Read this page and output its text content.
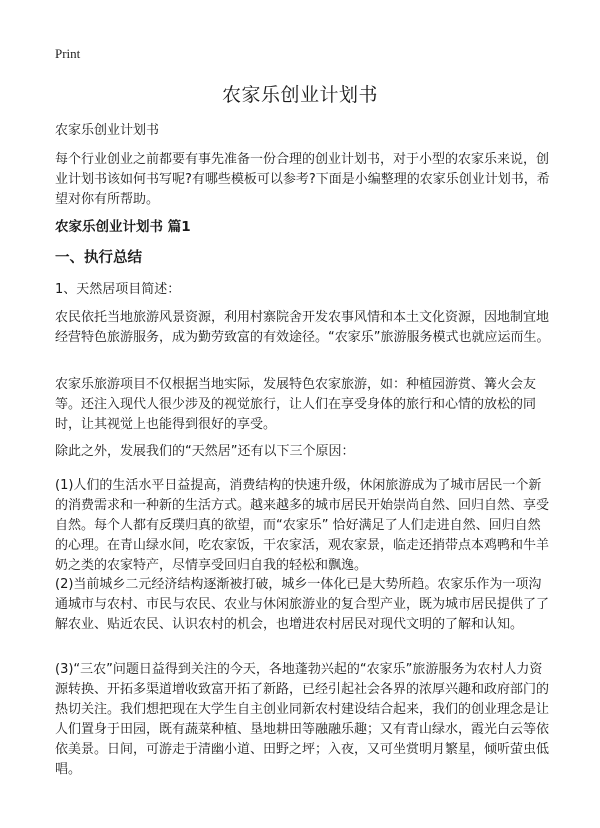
Print
农家乐创业计划书

农家乐创业计划书

每个行业创业之前都要有事先准备一份合理的创业计划书，对于小型的农家乐来说，创业计划书该如何书写呢?有哪些模板可以参考?下面是小编整理的农家乐创业计划书，希望对你有所帮助。

农家乐创业计划书 篇1

一、执行总结

1、天然居项目简述：

农民依托当地旅游风景资源，利用村寨院舍开发农事风情和本土文化资源，因地制宜地经营特色旅游服务，成为勤劳致富的有效途径。“农家乐”旅游服务模式也就应运而生。

农家乐旅游项目不仅根据当地实际，发展特色农家旅游，如：种植园游赏、篝火会友等。还注入现代人很少涉及的视觉旅行，让人们在享受身体的旅行和心情的放松的同时，让其视觉上也能得到很好的享受。

除此之外，发展我们的“天然居”还有以下三个原因：

(1)人们的生活水平日益提高，消费结构的快速升级，休闲旅游成为了城市居民一个新的消费需求和一种新的生活方式。越来越多的城市居民开始崇尚自然、回归自然、享受自然。每个人都有反璞归真的欲望，而“农家乐” 恰好满足了人们走进自然、回归自然的心理。在青山绿水间，吃农家饭，干农家活，观农家景，临走还捎带点本鸡鸭和牛羊奶之类的农家特产，尽情享受回归自我的轻松和飘逸。

(2)当前城乡二元经济结构逐渐被打破，城乡一体化已是大势所趋。农家乐作为一项沟通城市与农村、市民与农民、农业与休闲旅游业的复合型产业，既为城市居民提供了了解农业、贴近农民、认识农村的机会，也增进农村居民对现代文明的了解和认知。

(3)“三农”问题日益得到关注的今天，各地蓬勃兴起的“农家乐”旅游服务为农村人力资源转换、开拓多渠道增收致富开拓了新路，已经引起社会各界的浓厚兴趣和政府部门的热切关注。我们想把现在大学生自主创业同新农村建设结合起来，我们的创业理念是让人们置身于田园，既有蔬菜种植、垦地耕田等融融乐趣；又有青山绿水，霞光白云等依依美景。日间，可游走于清幽小道、田野之坪；入夜，又可坐赏明月繁星，倾听萤虫低唱。
